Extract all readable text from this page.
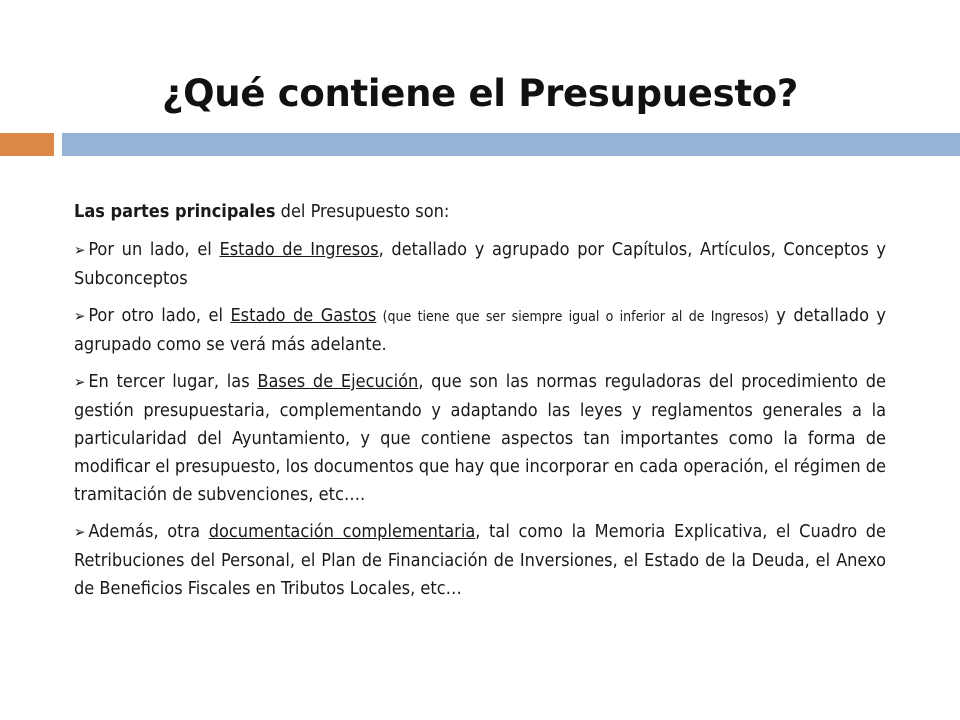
¿Qué contiene el Presupuesto?

Las partes principales del Presupuesto son:

➢ Por un lado, el Estado de Ingresos, detallado y agrupado por Capítulos, Artículos, Conceptos y Subconceptos

➢ Por otro lado, el Estado de Gastos (que tiene que ser siempre igual o inferior al de Ingresos) y detallado y agrupado como se verá más adelante.

➢ En tercer lugar, las Bases de Ejecución, que son las normas reguladoras del procedimiento de gestión presupuestaria, complementando y adaptando las leyes y reglamentos generales a la particularidad del Ayuntamiento, y que contiene aspectos tan importantes como la forma de modificar el presupuesto, los documentos que hay que incorporar en cada operación, el régimen de tramitación de subvenciones, etc….

➢ Además, otra documentación complementaria, tal como la Memoria Explicativa, el Cuadro de Retribuciones del Personal, el Plan de Financiación de Inversiones, el Estado de la Deuda, el Anexo de Beneficios Fiscales en Tributos Locales, etc…
